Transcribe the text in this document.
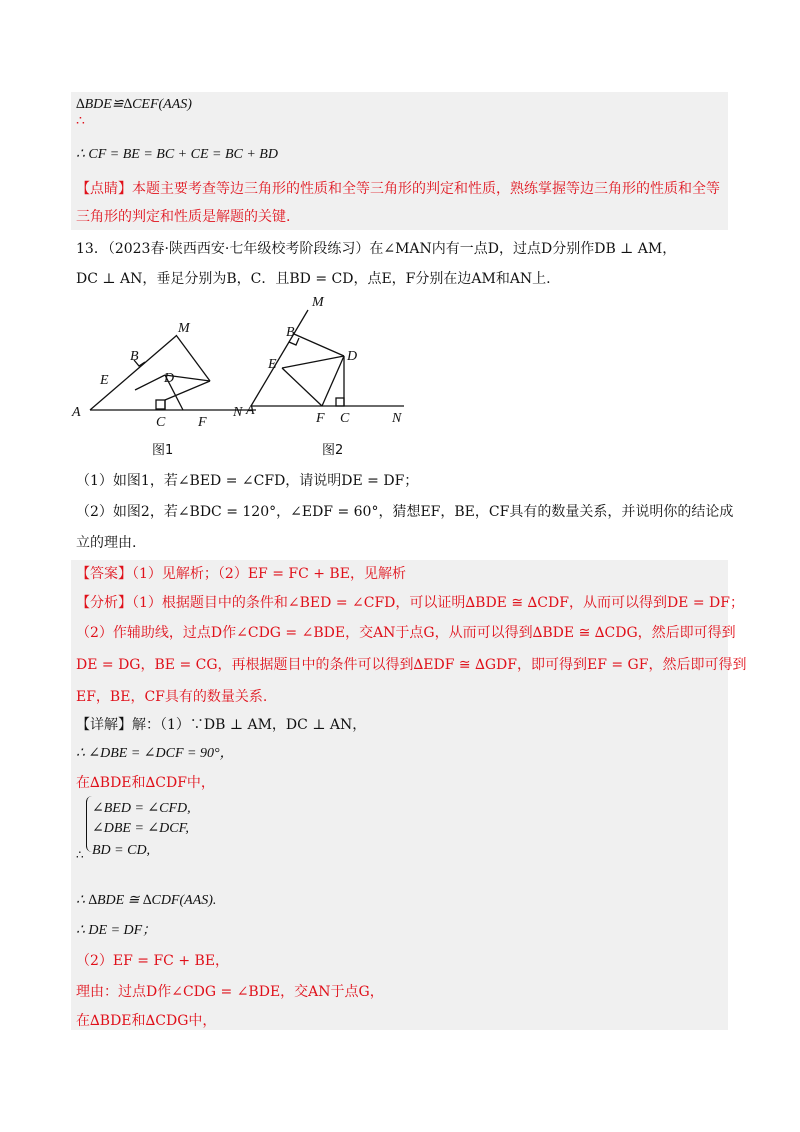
∆BDE≌∆CEF(AAS)
∴
∴ CF = BE = BC + CE = BC + BD
【点睛】本题主要考查等边三角形的性质和全等三角形的判定和性质，熟练掌握等边三角形的性质和全等
三角形的判定和性质是解题的关键.
13．（2023春·陕西西安·七年级校考阶段练习）在∠MAN内有一点D，过点D分别作DB ⊥ AM，
DC ⊥ AN，垂足分别为B，C．且BD = CD，点E，F分别在边AM和AN上.
M
B
D
E
A
C F
N
M
B
D
E
A
F C	N
图1	图2
（1）如图1，若∠BED = ∠CFD，请说明DE = DF；
（2）如图2，若∠BDC = 120°，∠EDF = 60°，猜想EF，BE，CF具有的数量关系，并说明你的结论成
立的理由.
【答案】（1）见解析；（2）EF = FC + BE，见解析
【分析】（1）根据题目中的条件和∠BED = ∠CFD，可以证明∆BDE ≅ ∆CDF，从而可以得到DE = DF；
（2）作辅助线，过点D作∠CDG = ∠BDE，交AN于点G，从而可以得到∆BDE ≅ ∆CDG，然后即可得到
DE = DG，BE = CG，再根据题目中的条件可以得到∆EDF ≅ ∆GDF，即可得到EF = GF，然后即可得到
EF，BE，CF具有的数量关系.
【详解】解：（1）∵DB ⊥ AM，DC ⊥ AN，
∴ ∠DBE = ∠DCF = 90°，
在∆BDE和∆CDF中，
∠BED = ∠CFD,
∠DBE = ∠DCF,
∴ BD = CD,
∴ ∆BDE ≅ ∆CDF(AAS).
∴ DE = DF；
（2）EF = FC + BE，
理由：过点D作∠CDG = ∠BDE，交AN于点G，
在∆BDE和∆CDG中，
